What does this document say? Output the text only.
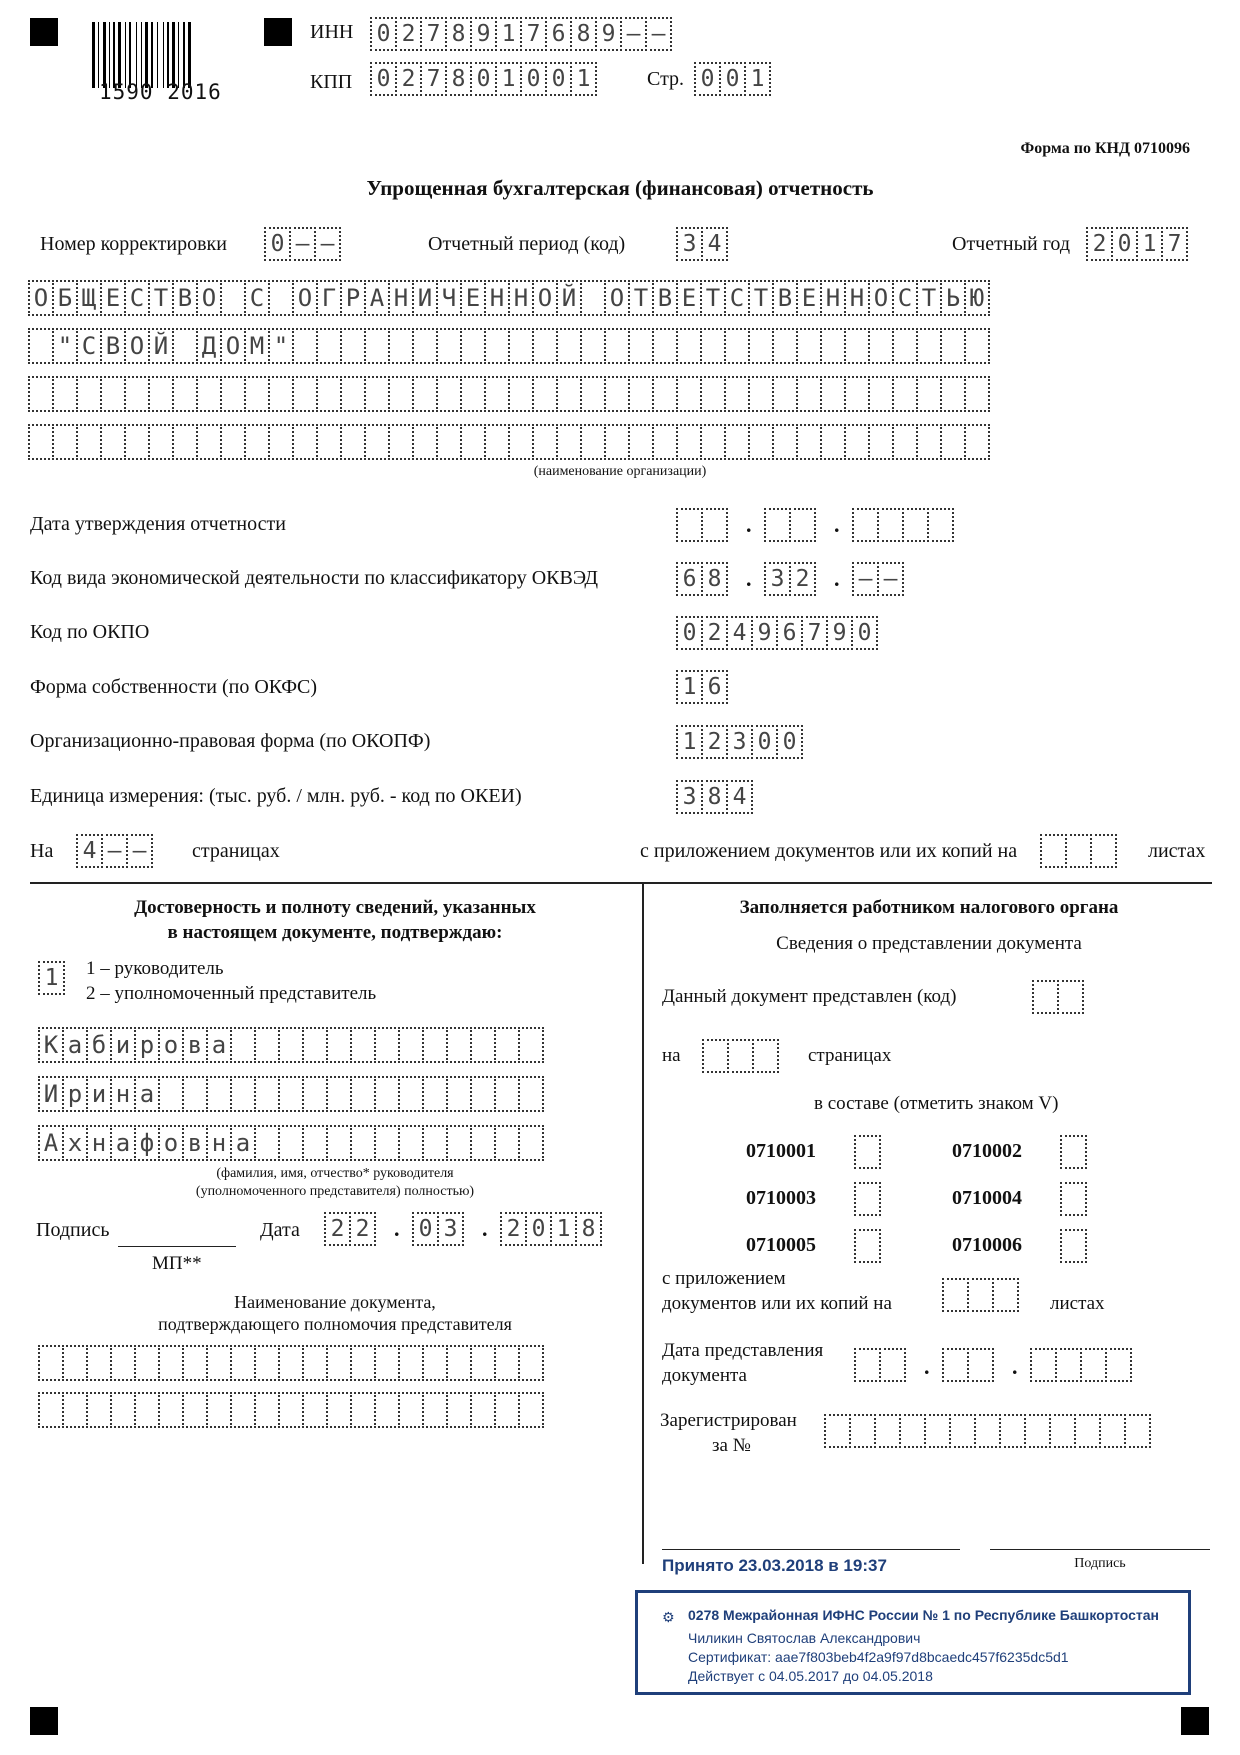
1590 2016
ИНН 0 2 7 8 9 1 7 6 8 9 – –
КПП 0 2 7 8 0 1 0 0 1	Стр. 0 0 1
Форма по КНД 0710096
Упрощенная бухгалтерская (финансовая) отчетность
Номер корректировки 0 – –	Отчетный период (код) 3 4	Отчетный год 2 0 1 7
О Б Щ Е С Т В О С О Г Р А Н И Ч Е Н Н О Й О Т В Е Т С Т В Е Н Н О С Т Ь Ю
" С В О Й Д О М "
(наименование организации)
Дата утверждения отчетности	.	.
Код вида экономической деятельности по классификатору ОКВЭД	6 8 . 3 2 . – –
Код по ОКПО	0 2 4 9 6 7 9 0
Форма собственности (по ОКФС)	1 6
Организационно-правовая форма (по ОКОПФ)	1 2 3 0 0
Единица измерения: (тыс. руб. / млн. руб. - код по ОКЕИ)	3 8 4
На 4 – –	страницах	с приложением документов или их копий на	листах
Достоверность и полноту сведений, указанных
в настоящем документе, подтверждаю:
1	1 – руководитель
2 – уполномоченный представитель
К а б и р о в а
И р и н а
А х н а ф о в н а
(фамилия, имя, отчество* руководителя
(уполномоченного представителя) полностью)
Подпись
МП**
Дата 2 2 . 0 3 . 2 0 1 8
Наименование документа,
подтверждающего полномочия представителя
Заполняется работником налогового органа
Сведения о представлении документа
Данный документ представлен (код)
на	страницах
в составе (отметить знаком V)
0710001	0710002
0710003	0710004
0710005	0710006
с приложением
документов или их копий на	листах
Дата представления
документа	.	.
Зарегистрирован
за №
Подпись
Принято 23.03.2018 в 19:37
⚙ 0278 Межрайонная ИФНС России № 1 по Республике Башкортостан
Чиликин Святослав Александрович
Сертификат: aae7f803beb4f2a9f97d8bcaedc457f6235dc5d1
Действует с 04.05.2017 до 04.05.2018
